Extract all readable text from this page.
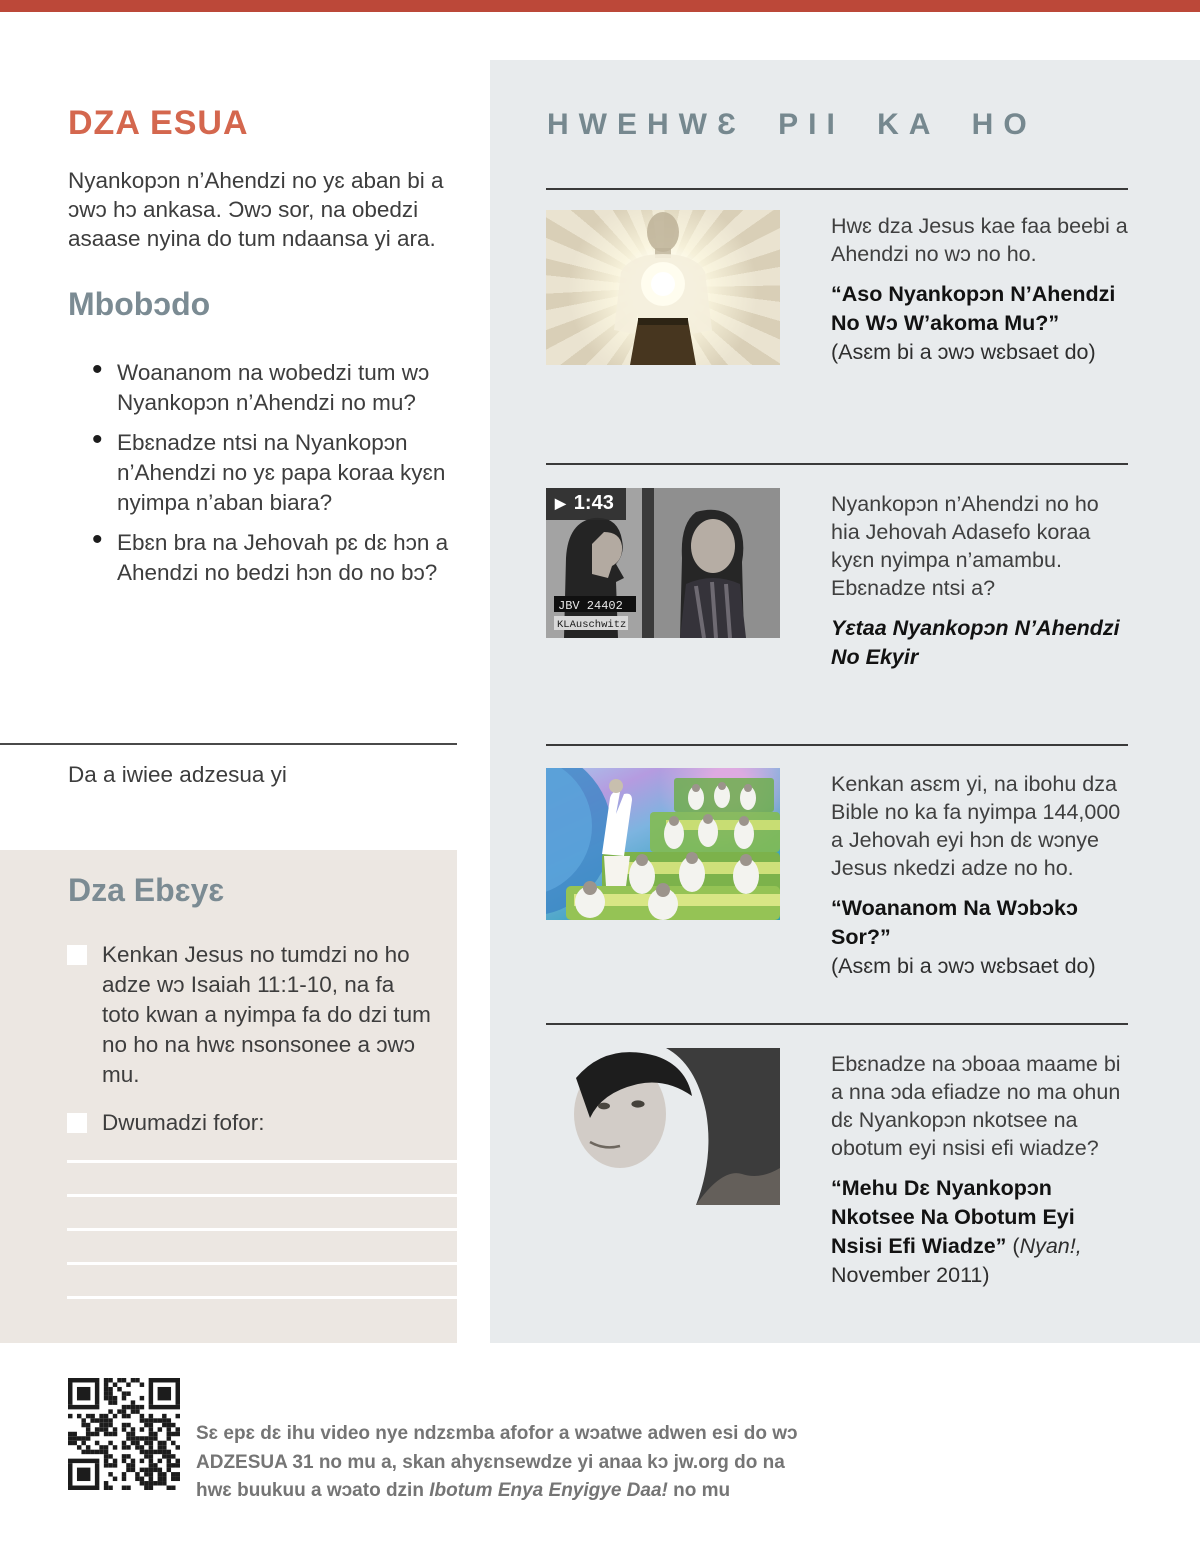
DZA ESUA
Nyankopɔn n’Ahendzi no yɛ aban bi a ɔwɔ hɔ ankasa. Ɔwɔ sor, na obedzi asaase nyina do tum ndaansa yi ara.
Mbobɔdo
• Woananom na wobedzi tum wɔ Nyankopɔn n’Ahendzi no mu?
• Ebɛnadze ntsi na Nyankopɔn n’Ahendzi no yɛ papa koraa kyɛn nyimpa n’aban biara?
• Ebɛn bra na Jehovah pɛ dɛ hɔn a Ahendzi no bedzi hɔn do no bɔ?
Da a iwiee adzesua yi
Dza Ebɛyɛ
Kenkan Jesus no tumdzi no ho adze wɔ Isaiah 11:1-10, na fa toto kwan a nyimpa fa do dzi tum no ho na hwɛ nsonsonee a ɔwɔ mu.
Dwumadzi fofor:
HWEHWƐ PII KA HO

Hwɛ dza Jesus kae faa beebi a Ahendzi no wɔ no ho.

“Aso Nyankopɔn N’Ahendzi No Wɔ W’akoma Mu?”
(Asɛm bi a ɔwɔ wɛbsaet do)

JBV 24402
KLAuschwitz
▶ 1:43	Nyankopɔn n’Ahendzi no ho hia Jehovah Adasefo koraa kyɛn nyimpa n’amambu. Ebɛnadze ntsi a?

Yɛtaa Nyankopɔn N’Ahendzi No Ekyir

Kenkan asɛm yi, na ibohu dza Bible no ka fa nyimpa 144,000 a Jehovah eyi hɔn dɛ wɔnye Jesus nkedzi adze no ho.

“Woananom Na Wɔbɔkɔ Sor?”
(Asɛm bi a ɔwɔ wɛbsaet do)

Ebɛnadze na ɔboaa maame bi a nna ɔda efiadze no ma ohun dɛ Nyankopɔn nkotsee na obotum eyi nsisi efi wiadze?

“Mehu Dɛ Nyankopɔn Nkotsee Na Obotum Eyi Nsisi Efi Wiadze” (Nyan!, November 2011)

Sɛ epɛ dɛ ihu video nye ndzɛmba afofor a wɔatwe adwen esi do wɔ
ADZESUA 31 no mu a, skan ahyɛnsewdze yi anaa kɔ jw.org do na
hwɛ buukuu a wɔato dzin Ibotum Enya Enyigye Daa! no mu
